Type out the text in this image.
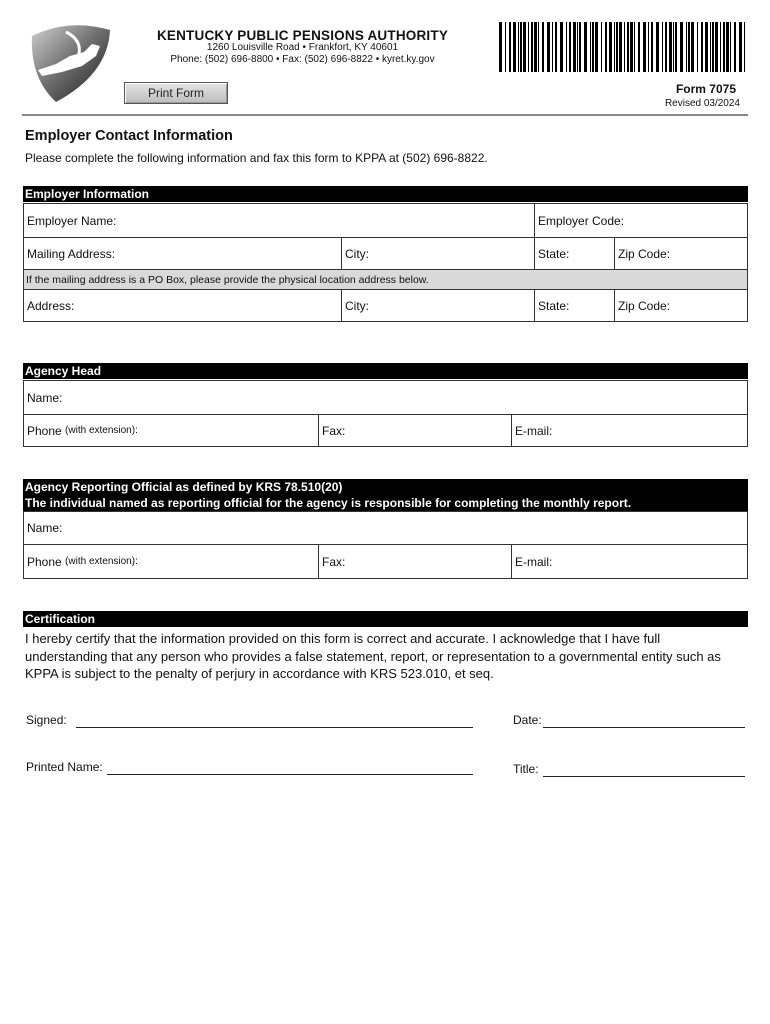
KENTUCKY PUBLIC PENSIONS AUTHORITY
1260 Louisville Road • Frankfort, KY 40601
Phone: (502) 696-8800 • Fax: (502) 696-8822 • kyret.ky.gov
Print Form	Form 7075
Revised 03/2024
Employer Contact Information
Please complete the following information and fax this form to KPPA at (502) 696-8822.
Employer Information
Employer Name:	Employer Code:
Mailing Address:	City:	State:	Zip Code:
If the mailing address is a PO Box, please provide the physical location address below.
Address:	City:	State:	Zip Code:
Agency Head
Name:
Phone
(with extension):	Fax:	E-mail:
Agency Reporting Official as defined by KRS 78.510(20)
The individual named as reporting official for the agency is responsible for completing the monthly report.
Name:
Phone
(with extension):	Fax:	E-mail:
Certification
I hereby certify that the information provided on this form is correct and accurate. I acknowledge that I have full understanding that any person who provides a false statement, report, or representation to a governmental entity such as KPPA is subject to the penalty of perjury in accordance with KRS 523.010, et seq.
Signed:	Date:
Printed Name:	Title:
